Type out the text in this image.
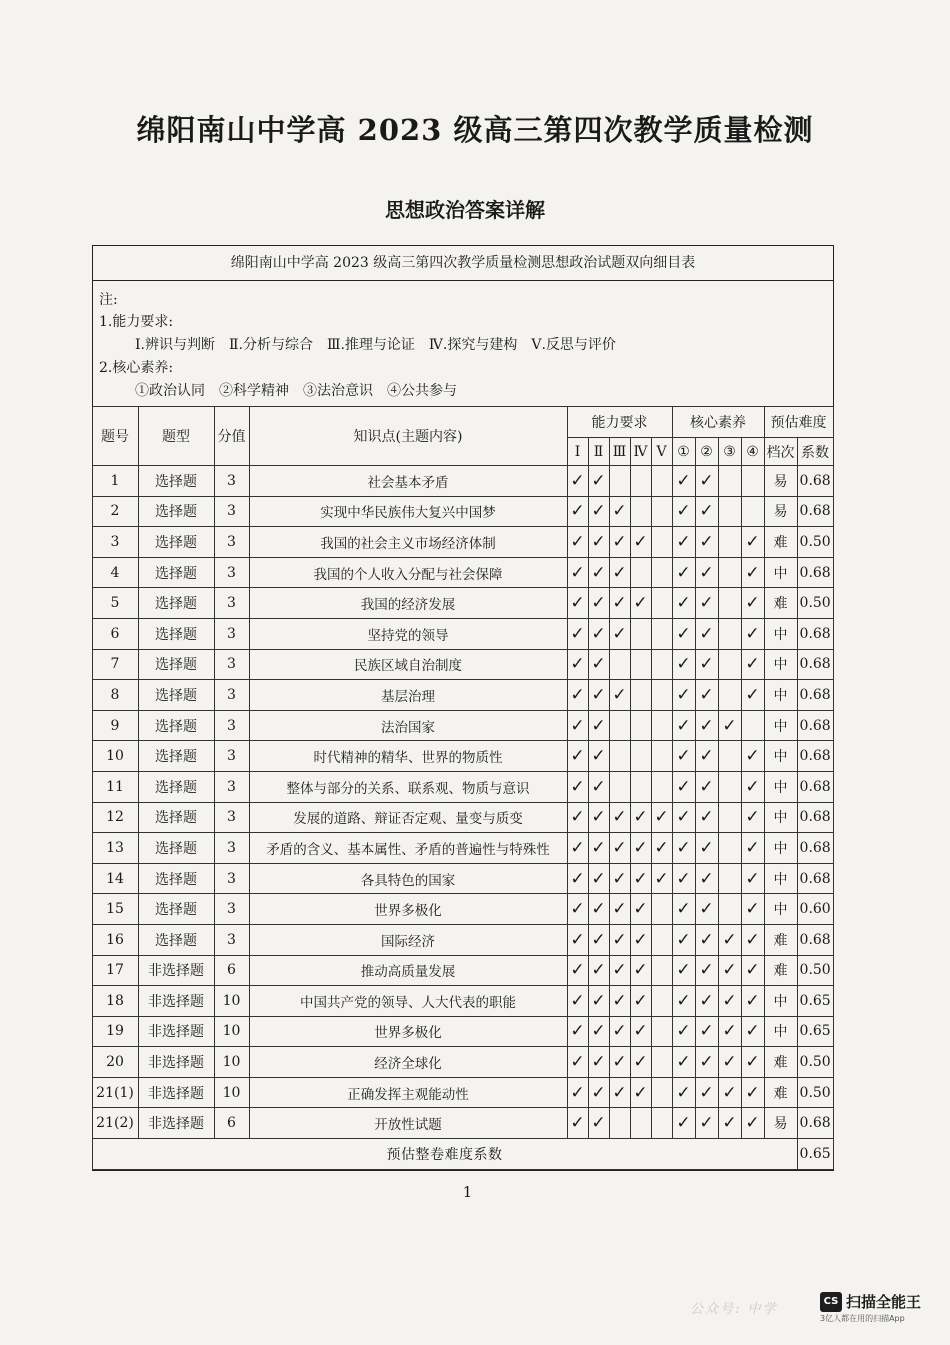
绵阳南山中学高 2023 级高三第四次教学质量检测
思想政治答案详解
绵阳南山中学高 2023 级高三第四次教学质量检测思想政治试题双向细目表
注:
1.能力要求:
Ⅰ.辨识与判断　Ⅱ.分析与综合　Ⅲ.推理与论证　Ⅳ.探究与建构　Ⅴ.反思与评价
2.核心素养:
①政治认同　②科学精神　③法治意识　④公共参与
题号	题型	分值	知识点(主题内容)	能力要求					核心素养				预估难度	
				Ⅰ	Ⅱ	Ⅲ	Ⅳ	Ⅴ	①	②	③	④	档次	系数
1	选择题	3	社会基本矛盾	✓	✓				✓	✓			易	0.68
2	选择题	3	实现中华民族伟大复兴中国梦	✓	✓	✓			✓	✓			易	0.68
3	选择题	3	我国的社会主义市场经济体制	✓	✓	✓	✓		✓	✓		✓	难	0.50
4	选择题	3	我国的个人收入分配与社会保障	✓	✓	✓			✓	✓		✓	中	0.68
5	选择题	3	我国的经济发展	✓	✓	✓	✓		✓	✓		✓	难	0.50
6	选择题	3	坚持党的领导	✓	✓	✓			✓	✓		✓	中	0.68
7	选择题	3	民族区域自治制度	✓	✓				✓	✓		✓	中	0.68
8	选择题	3	基层治理	✓	✓	✓			✓	✓		✓	中	0.68
9	选择题	3	法治国家	✓	✓				✓	✓	✓		中	0.68
10	选择题	3	时代精神的精华、世界的物质性	✓	✓				✓	✓		✓	中	0.68
11	选择题	3	整体与部分的关系、联系观、物质与意识	✓	✓				✓	✓		✓	中	0.68
12	选择题	3	发展的道路、辩证否定观、量变与质变	✓	✓	✓	✓	✓	✓	✓		✓	中	0.68
13	选择题	3	矛盾的含义、基本属性、矛盾的普遍性与特殊性	✓	✓	✓	✓	✓	✓	✓		✓	中	0.68
14	选择题	3	各具特色的国家	✓	✓	✓	✓	✓	✓	✓		✓	中	0.68
15	选择题	3	世界多极化	✓	✓	✓	✓		✓	✓		✓	中	0.60
16	选择题	3	国际经济	✓	✓	✓	✓		✓	✓	✓	✓	难	0.68
17	非选择题	6	推动高质量发展	✓	✓	✓	✓		✓	✓	✓	✓	难	0.50
18	非选择题	10	中国共产党的领导、人大代表的职能	✓	✓	✓	✓		✓	✓	✓	✓	中	0.65
19	非选择题	10	世界多极化	✓	✓	✓	✓		✓	✓	✓	✓	中	0.65
20	非选择题	10	经济全球化	✓	✓	✓	✓		✓	✓	✓	✓	难	0.50
21(1)	非选择题	10	正确发挥主观能动性	✓	✓	✓	✓		✓	✓	✓	✓	难	0.50
21(2)	非选择题	6	开放性试题	✓	✓				✓	✓	✓	✓	易	0.68
预估整卷难度系数														0.65
1
公众号: 中学
CS 扫描全能王
3亿人都在用的扫描App
